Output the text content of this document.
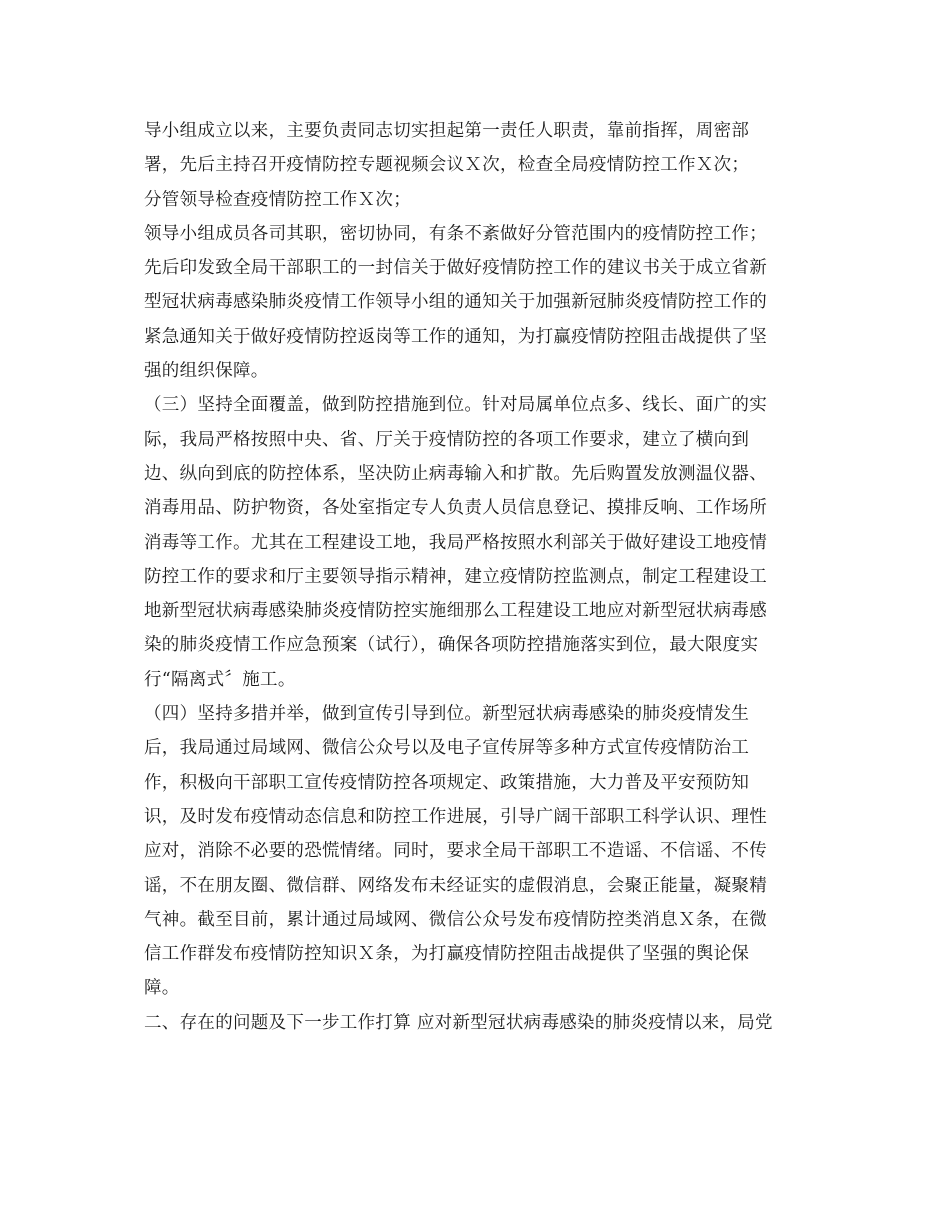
导小组成立以来，主要负责同志切实担起第一责任人职责，靠前指挥，周密部
署，先后主持召开疫情防控专题视频会议Ｘ次，检查全局疫情防控工作Ｘ次；
分管领导检查疫情防控工作Ｘ次；
领导小组成员各司其职，密切协同，有条不紊做好分管范围内的疫情防控工作；
先后印发致全局干部职工的一封信关于做好疫情防控工作的建议书关于成立省新
型冠状病毒感染肺炎疫情工作领导小组的通知关于加强新冠肺炎疫情防控工作的
紧急通知关于做好疫情防控返岗等工作的通知，为打赢疫情防控阻击战提供了坚
强的组织保障。
（三）坚持全面覆盖，做到防控措施到位。针对局属单位点多、线长、面广的实
际，我局严格按照中央、省、厅关于疫情防控的各项工作要求，建立了横向到
边、纵向到底的防控体系，坚决防止病毒输入和扩散。先后购置发放测温仪器、
消毒用品、防护物资，各处室指定专人负责人员信息登记、摸排反响、工作场所
消毒等工作。尤其在工程建设工地，我局严格按照水利部关于做好建设工地疫情
防控工作的要求和厅主要领导指示精神，建立疫情防控监测点，制定工程建设工
地新型冠状病毒感染肺炎疫情防控实施细那么工程建设工地应对新型冠状病毒感
染的肺炎疫情工作应急预案（试行），确保各项防控措施落实到位，最大限度实
行“隔离式〞施工。
（四）坚持多措并举，做到宣传引导到位。新型冠状病毒感染的肺炎疫情发生
后，我局通过局域网、微信公众号以及电子宣传屏等多种方式宣传疫情防治工
作，积极向干部职工宣传疫情防控各项规定、政策措施，大力普及平安预防知
识，及时发布疫情动态信息和防控工作进展，引导广阔干部职工科学认识、理性
应对，消除不必要的恐慌情绪。同时，要求全局干部职工不造谣、不信谣、不传
谣，不在朋友圈、微信群、网络发布未经证实的虚假消息，会聚正能量，凝聚精
气神。截至目前，累计通过局域网、微信公众号发布疫情防控类消息Ｘ条，在微
信工作群发布疫情防控知识Ｘ条，为打赢疫情防控阻击战提供了坚强的舆论保
障。
二、存在的问题及下一步工作打算 应对新型冠状病毒感染的肺炎疫情以来，局党
